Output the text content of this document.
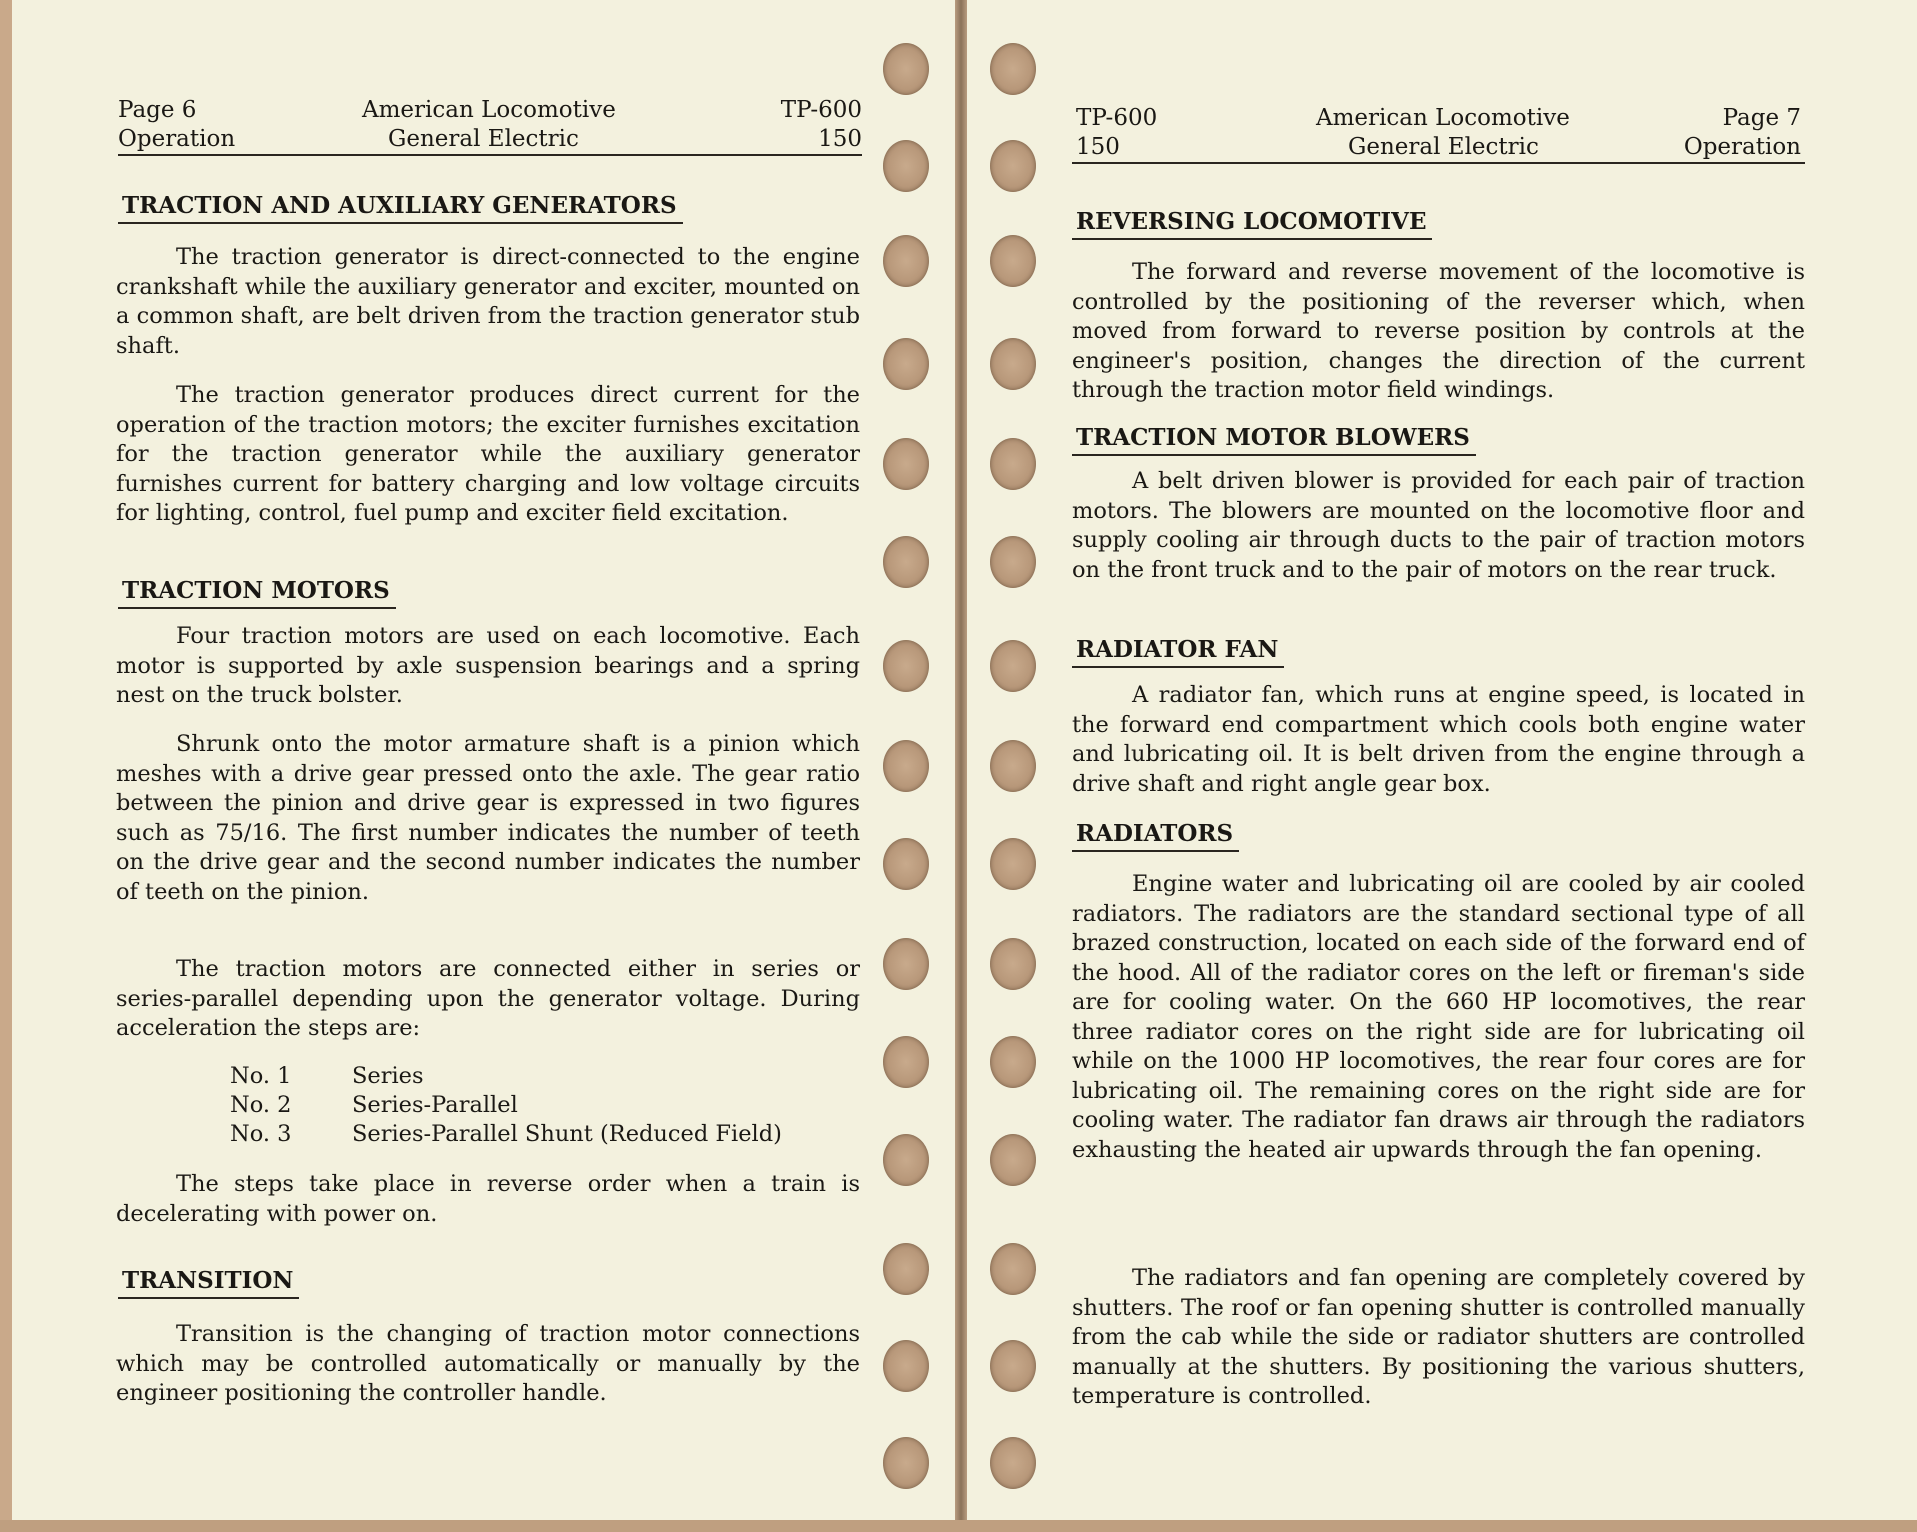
Page 6
Operation
American Locomotive
General Electric
TP-600
150
TRACTION AND AUXILIARY GENERATORS

The traction generator is direct-connected to the engine crankshaft while the auxiliary generator and exciter, mounted on a common shaft, are belt driven from the traction generator stub shaft.

The traction generator produces direct current for the operation of the traction motors; the exciter furnishes excitation for the traction generator while the auxiliary generator furnishes current for battery charging and low voltage circuits for lighting, control, fuel pump and exciter field excitation.

TRACTION MOTORS

Four traction motors are used on each locomotive. Each motor is supported by axle suspension bearings and a spring nest on the truck bolster.

Shrunk onto the motor armature shaft is a pinion which meshes with a drive gear pressed onto the axle. The gear ratio between the pinion and drive gear is expressed in two figures such as 75/16. The first number indicates the number of teeth on the drive gear and the second number indicates the number of teeth on the pinion.

The traction motors are connected either in series or series-parallel depending upon the generator voltage. During acceleration the steps are:

No. 1	Series
No. 2	Series-Parallel
No. 3	Series-Parallel Shunt (Reduced Field)

The steps take place in reverse order when a train is decelerating with power on.

TRANSITION

Transition is the changing of traction motor connections which may be controlled automatically or manually by the engineer positioning the controller handle.

TP-600
150
American Locomotive
General Electric
Page 7
Operation
REVERSING LOCOMOTIVE

The forward and reverse movement of the locomotive is controlled by the positioning of the reverser which, when moved from forward to reverse position by controls at the engineer's position, changes the direction of the current through the traction motor field windings.

TRACTION MOTOR BLOWERS

A belt driven blower is provided for each pair of traction motors. The blowers are mounted on the locomotive floor and supply cooling air through ducts to the pair of traction motors on the front truck and to the pair of motors on the rear truck.

RADIATOR FAN

A radiator fan, which runs at engine speed, is located in the forward end compartment which cools both engine water and lubricating oil. It is belt driven from the engine through a drive shaft and right angle gear box.

RADIATORS

Engine water and lubricating oil are cooled by air cooled radiators. The radiators are the standard sectional type of all brazed construction, located on each side of the forward end of the hood. All of the radiator cores on the left or fireman's side are for cooling water. On the 660 HP locomotives, the rear three radiator cores on the right side are for lubricating oil while on the 1000 HP locomotives, the rear four cores are for lubricating oil. The remaining cores on the right side are for cooling water. The radiator fan draws air through the radiators exhausting the heated air upwards through the fan opening.

The radiators and fan opening are completely covered by shutters. The roof or fan opening shutter is controlled manually from the cab while the side or radiator shutters are controlled manually at the shutters. By positioning the various shutters, temperature is controlled.
